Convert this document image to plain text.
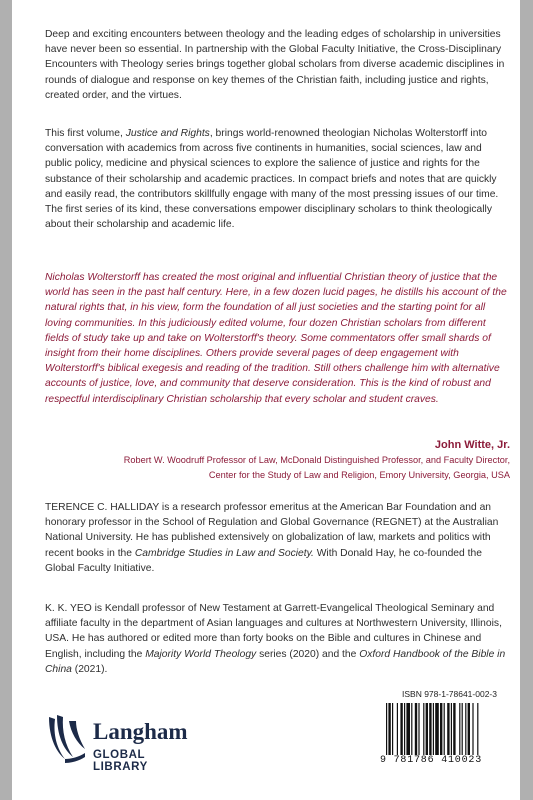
Deep and exciting encounters between theology and the leading edges of scholarship in universities have never been so essential. In partnership with the Global Faculty Initiative, the Cross-Disciplinary Encounters with Theology series brings together global scholars from diverse academic disciplines in rounds of dialogue and response on key themes of the Christian faith, including justice and rights, created order, and the virtues.

This first volume, Justice and Rights, brings world-renowned theologian Nicholas Wolterstorff into conversation with academics from across five continents in humanities, social sciences, law and public policy, medicine and physical sciences to explore the salience of justice and rights for the substance of their scholarship and academic practices. In compact briefs and notes that are quickly and easily read, the contributors skillfully engage with many of the most pressing issues of our time. The first series of its kind, these conversations empower disciplinary scholars to think theologically about their scholarship and academic life.

Nicholas Wolterstorff has created the most original and influential Christian theory of justice that the world has seen in the past half century. Here, in a few dozen lucid pages, he distills his account of the natural rights that, in his view, form the foundation of all just societies and the starting point for all loving communities. In this judiciously edited volume, four dozen Christian scholars from different fields of study take up and take on Wolterstorff's theory. Some commentators offer small shards of insight from their home disciplines. Others provide several pages of deep engagement with Wolterstorff's biblical exegesis and reading of the tradition. Still others challenge him with alternative accounts of justice, love, and community that deserve consideration. This is the kind of robust and respectful interdisciplinary Christian scholarship that every scholar and student craves.

John Witte, Jr.
Robert W. Woodruff Professor of Law, McDonald Distinguished Professor, and Faculty Director,
Center for the Study of Law and Religion, Emory University, Georgia, USA

TERENCE C. HALLIDAY is a research professor emeritus at the American Bar Foundation and an honorary professor in the School of Regulation and Global Governance (REGNET) at the Australian National University. He has published extensively on globalization of law, markets and politics with recent books in the Cambridge Studies in Law and Society. With Donald Hay, he co-founded the Global Faculty Initiative.

K. K. YEO is Kendall professor of New Testament at Garrett-Evangelical Theological Seminary and affiliate faculty in the department of Asian languages and cultures at Northwestern University, Illinois, USA. He has authored or edited more than forty books on the Bible and cultures in Chinese and English, including the Majority World Theology series (2020) and the Oxford Handbook of the Bible in China (2021).

Langham
GLOBAL LIBRARY
ISBN 978-1-78641-002-3
9 781786 410023
